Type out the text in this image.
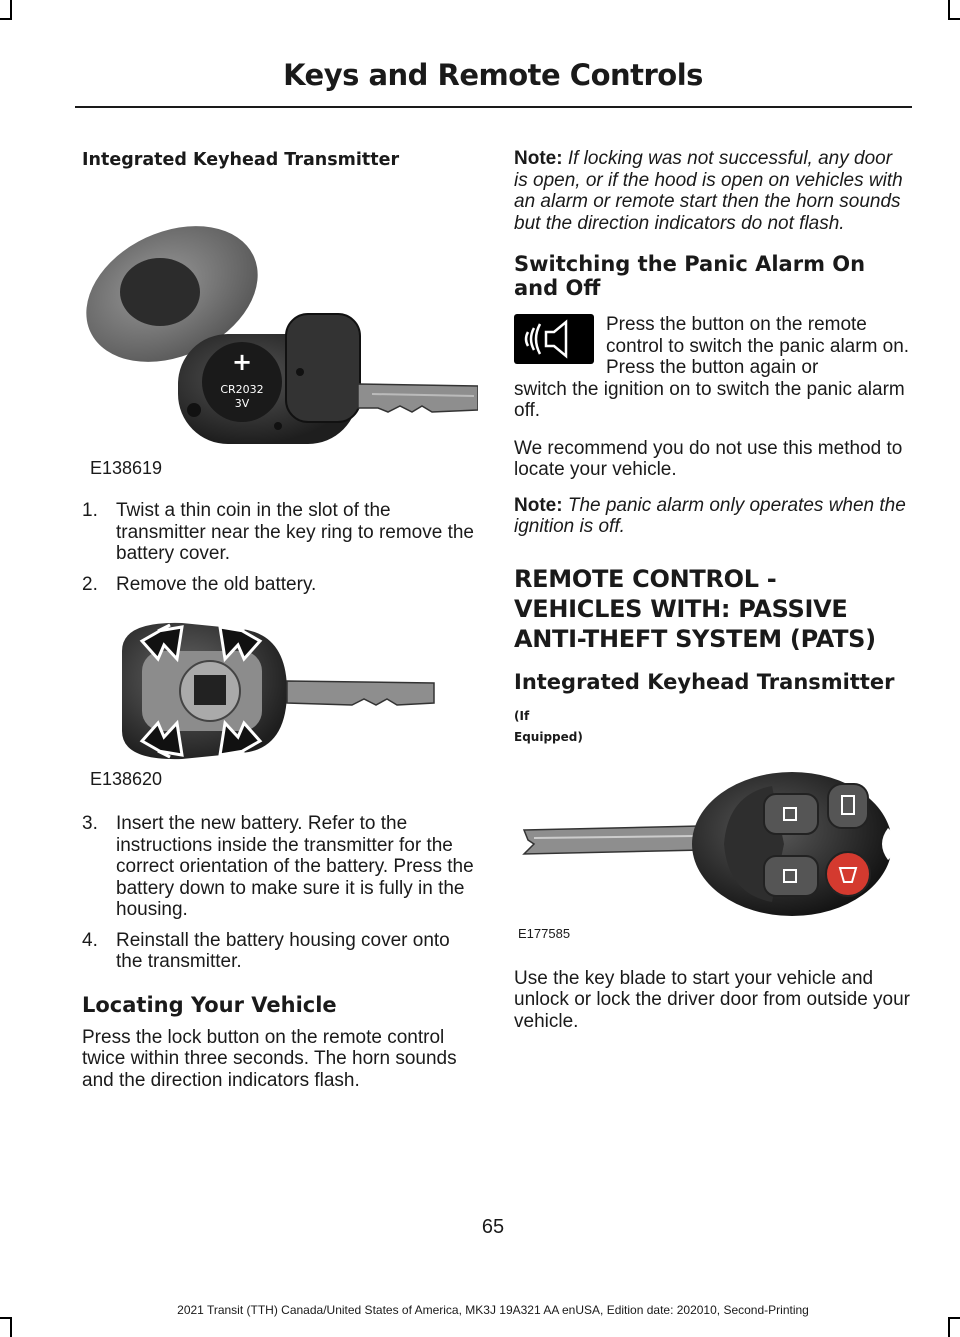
Keys and Remote Controls

Integrated Keyhead Transmitter

+
CR2032
3V
E138619
1. Twist a thin coin in the slot of the transmitter near the key ring to remove the battery cover.
2. Remove the old battery.
E138620
3. Insert the new battery. Refer to the instructions inside the transmitter for the correct orientation of the battery. Press the battery down to make sure it is fully in the housing.
4. Reinstall the battery housing cover onto the transmitter.
Locating Your Vehicle

Press the lock button on the remote control twice within three seconds. The horn sounds and the direction indicators flash.

Note: If locking was not successful, any door is open, or if the hood is open on vehicles with an alarm or remote start then the horn sounds but the direction indicators do not flash.

Switching the Panic Alarm On and Off

Press the button on the remote control to switch the panic alarm on. Press the button again or

switch the ignition on to switch the panic alarm off.

We recommend you do not use this method to locate your vehicle.

Note: The panic alarm only operates when the ignition is off.

REMOTE CONTROL - VEHICLES WITH: PASSIVE ANTI-THEFT SYSTEM (PATS)

Integrated Keyhead Transmitter (If

Equipped)

E177585

Use the key blade to start your vehicle and unlock or lock the driver door from outside your vehicle.

65
2021 Transit (TTH) Canada/United States of America, MK3J 19A321 AA enUSA, Edition date: 202010, Second-Printing
